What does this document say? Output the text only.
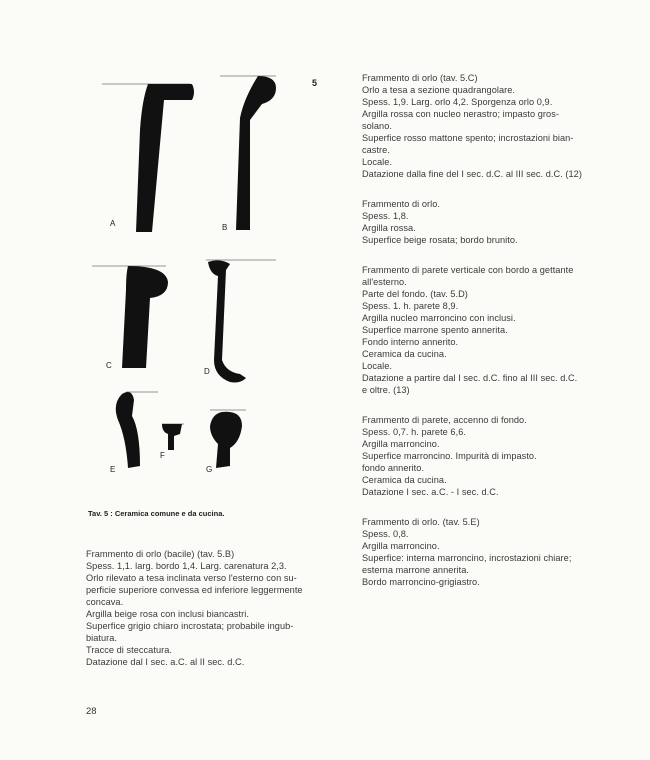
A	B
C
D
E
F
G
5
Tav. 5 : Ceramica comune e da cucina.

Frammento di orlo (bacile) (tav. 5.B)

Spess. 1,1. larg. bordo 1,4. Larg. carenatura 2,3.

Orlo rilevato a tesa inclinata verso l'esterno con su-

perficie superiore convessa ed inferiore leggermente

concava.

Argilla beige rosa con inclusi biancastri.

Superfice grigio chiaro incrostata; probabile ingub-

biatura.

Tracce di steccatura.

Datazione dal I sec. a.C. al II sec. d.C.

Frammento di orlo (tav. 5.C)

Orlo a tesa a sezione quadrangolare.

Spess. 1,9. Larg. orlo 4,2. Sporgenza orlo 0,9.

Argilla rossa con nucleo nerastro; impasto gros-

solano.

Superfice rosso mattone spento; incrostazioni bian-

castre.

Locale.

Datazione dalla fine del I sec. d.C. al III sec. d.C. (12)

Frammento di orlo.

Spess. 1,8.

Argilla rossa.

Superfice beige rosata; bordo brunito.

Frammento di parete verticale con bordo a gettante

all'esterno.

Parte del fondo. (tav. 5.D)

Spess. 1. h. parete 8,9.

Argilla nucleo marroncino con inclusi.

Superfice marrone spento annerita.

Fondo interno annerito.

Ceramica da cucina.

Locale.

Datazione a partire dal I sec. d.C. fino al III sec. d.C.

e oltre. (13)

Frammento di parete, accenno di fondo.

Spess. 0,7. h. parete 6,6.

Argilla marroncino.

Superfice marroncino. Impurità di impasto.

fondo annerito.

Ceramica da cucina.

Datazione I sec. a.C. - I sec. d.C.

Frammento di orlo. (tav. 5.E)

Spess. 0,8.

Argilla marroncino.

Superfice: interna marroncino, incrostazioni chiare;

esterna marrone annerita.

Bordo marroncino-grigiastro.

28
